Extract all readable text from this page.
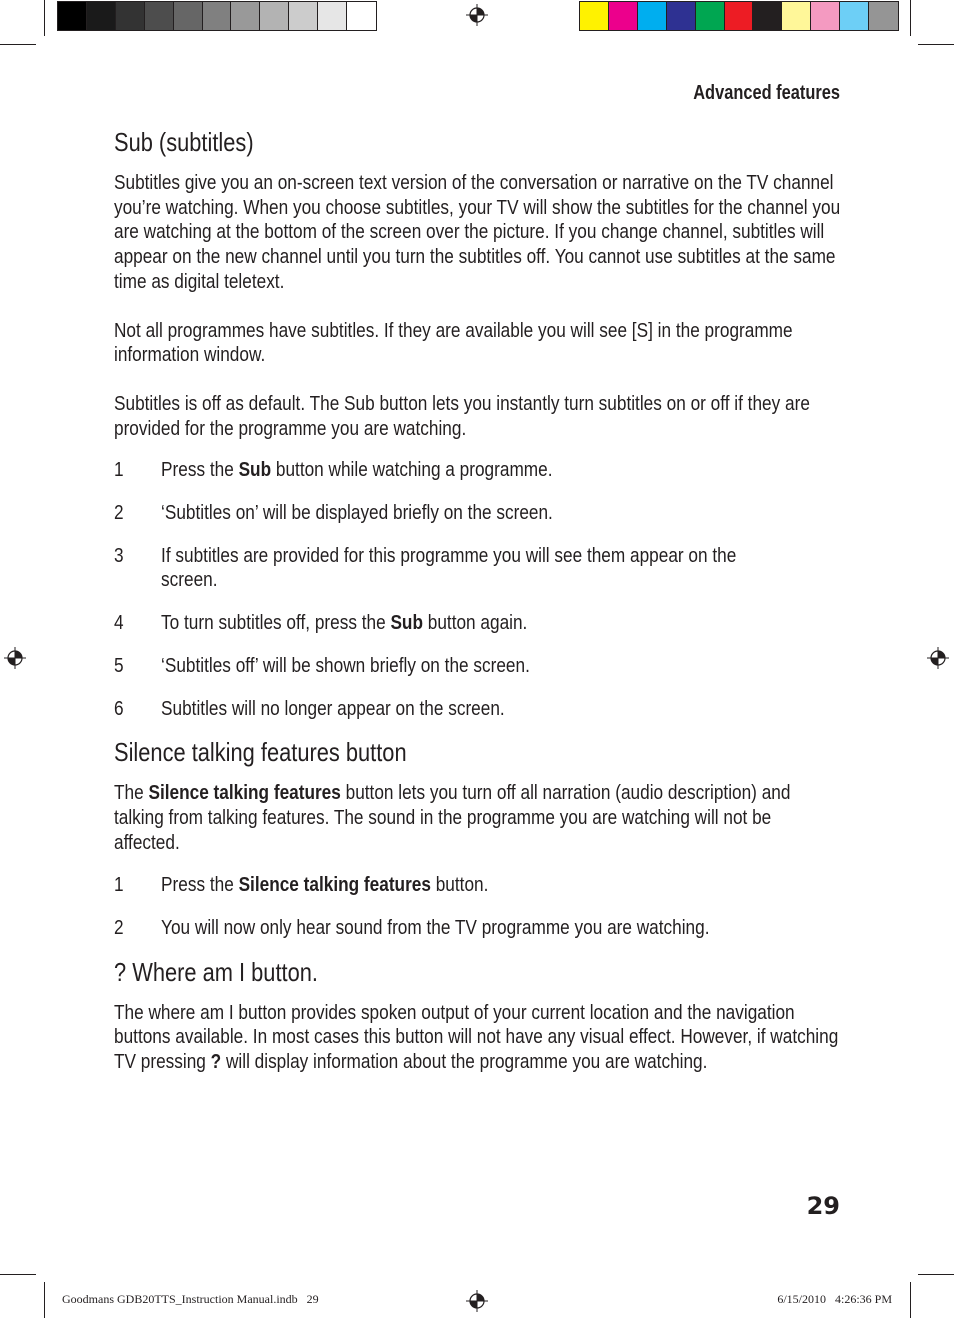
Advanced features
Sub (subtitles)

Subtitles give you an on-screen text version of the conversation or narrative on the TV channel you’re watching. When you choose subtitles, your TV will show the subtitles for the channel you are watching at the bottom of the screen over the picture. If you change channel, subtitles will appear on the new channel until you turn the subtitles off. You cannot use subtitles at the same time as digital teletext.

Not all programmes have subtitles. If they are available you will see [S] in the programme information window.

Subtitles is off as default. The Sub button lets you instantly turn subtitles on or off if they are provided for the programme you are watching.

1	Press the Sub button while watching a programme.
2	‘Subtitles on’ will be displayed briefly on the screen.
3	If subtitles are provided for this programme you will see them appear on the screen.
4	To turn subtitles off, press the Sub button again.
5	‘Subtitles off’ will be shown briefly on the screen.
6	Subtitles will no longer appear on the screen.
Silence talking features button

The Silence talking features button lets you turn off all narration (audio description) and talking from talking features. The sound in the programme you are watching will not be affected.

1	Press the Silence talking features button.
2	You will now only hear sound from the TV programme you are watching.
? Where am I button.

The where am I button provides spoken output of your current location and the navigation buttons available. In most cases this button will not have any visual effect. However, if watching TV pressing ? will display information about the programme you are watching.

29
Goodmans GDB20TTS_Instruction Manual.indb   29	6/15/2010   4:26:36 PM
